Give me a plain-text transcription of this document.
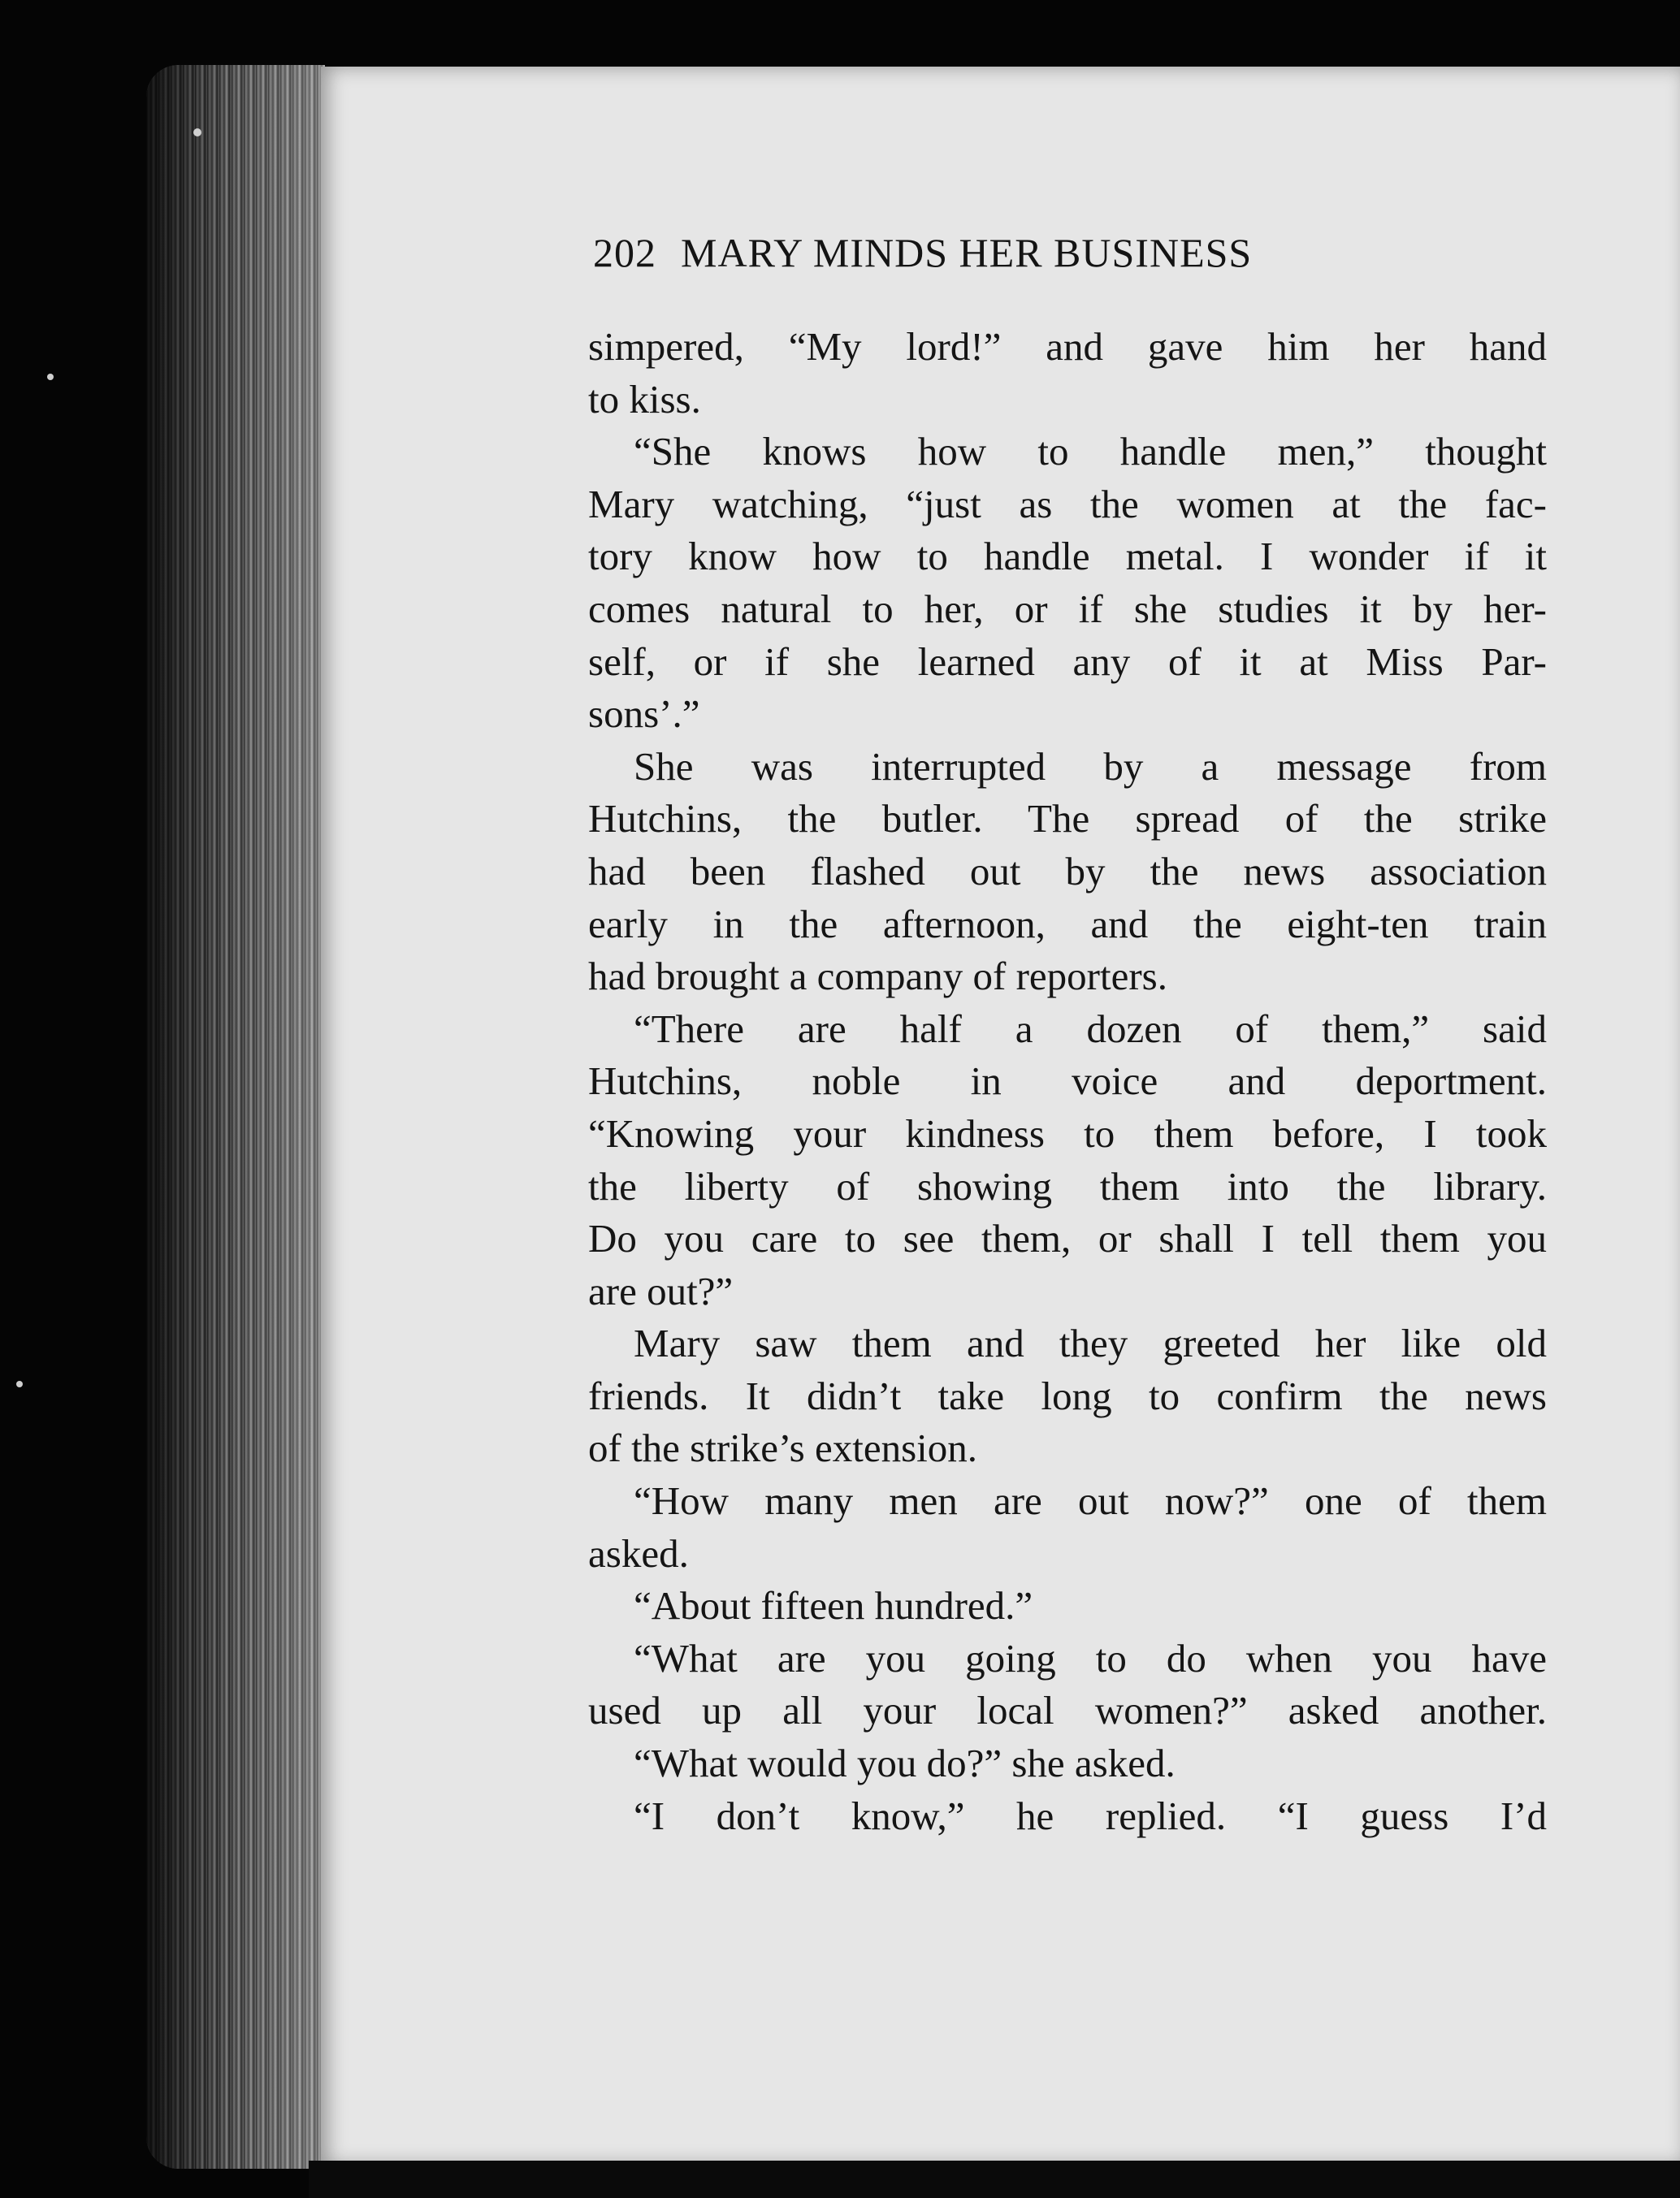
202 MARY MINDS HER BUSINESS
simpered, “My lord!” and gave him her hand
to kiss.
“She knows how to handle men,” thought
Mary watching, “just as the women at the fac-
tory know how to handle metal. I wonder if it
comes natural to her, or if she studies it by her-
self, or if she learned any of it at Miss Par-
sons’.”
She was interrupted by a message from
Hutchins, the butler. The spread of the strike
had been flashed out by the news association
early in the afternoon, and the eight-ten train
had brought a company of reporters.
“There are half a dozen of them,” said
Hutchins, noble in voice and deportment.
“Knowing your kindness to them before, I took
the liberty of showing them into the library.
Do you care to see them, or shall I tell them you
are out?”
Mary saw them and they greeted her like old
friends. It didn’t take long to confirm the news
of the strike’s extension.
“How many men are out now?” one of them
asked.
“About fifteen hundred.”
“What are you going to do when you have
used up all your local women?” asked another.
“What would you do?” she asked.
“I don’t know,” he replied. “I guess I’d
